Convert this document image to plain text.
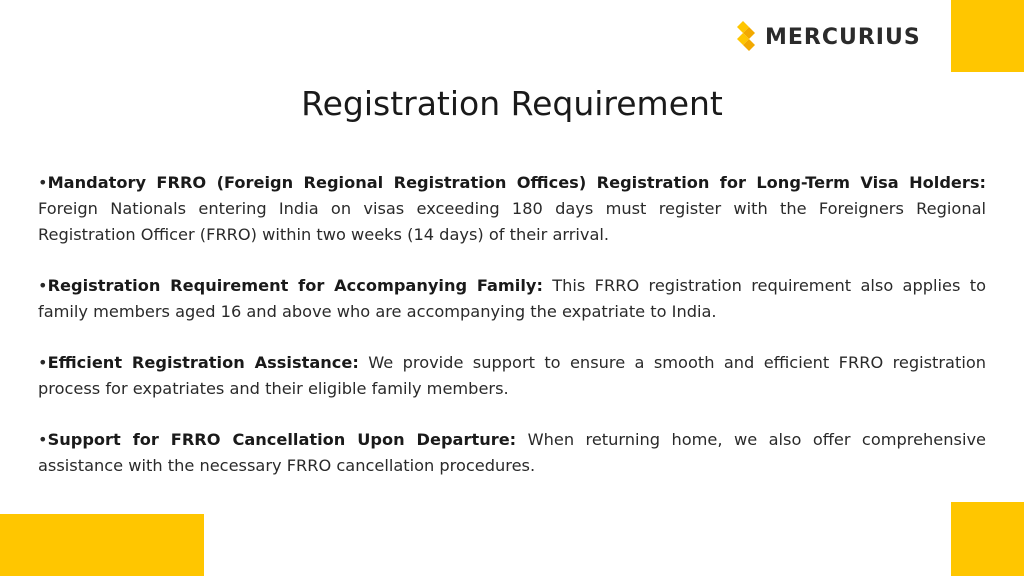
MERCURIUS
Registration Requirement

•Mandatory FRRO (Foreign Regional Registration Offices) Registration for Long-Term Visa Holders: Foreign Nationals entering India on visas exceeding 180 days must register with the Foreigners Regional Registration Officer (FRRO) within two weeks (14 days) of their arrival.

•Registration Requirement for Accompanying Family: This FRRO registration requirement also applies to family members aged 16 and above who are accompanying the expatriate to India.

•Efficient Registration Assistance: We provide support to ensure a smooth and efficient FRRO registration process for expatriates and their eligible family members.

•Support for FRRO Cancellation Upon Departure: When returning home, we also offer comprehensive assistance with the necessary FRRO cancellation procedures.
